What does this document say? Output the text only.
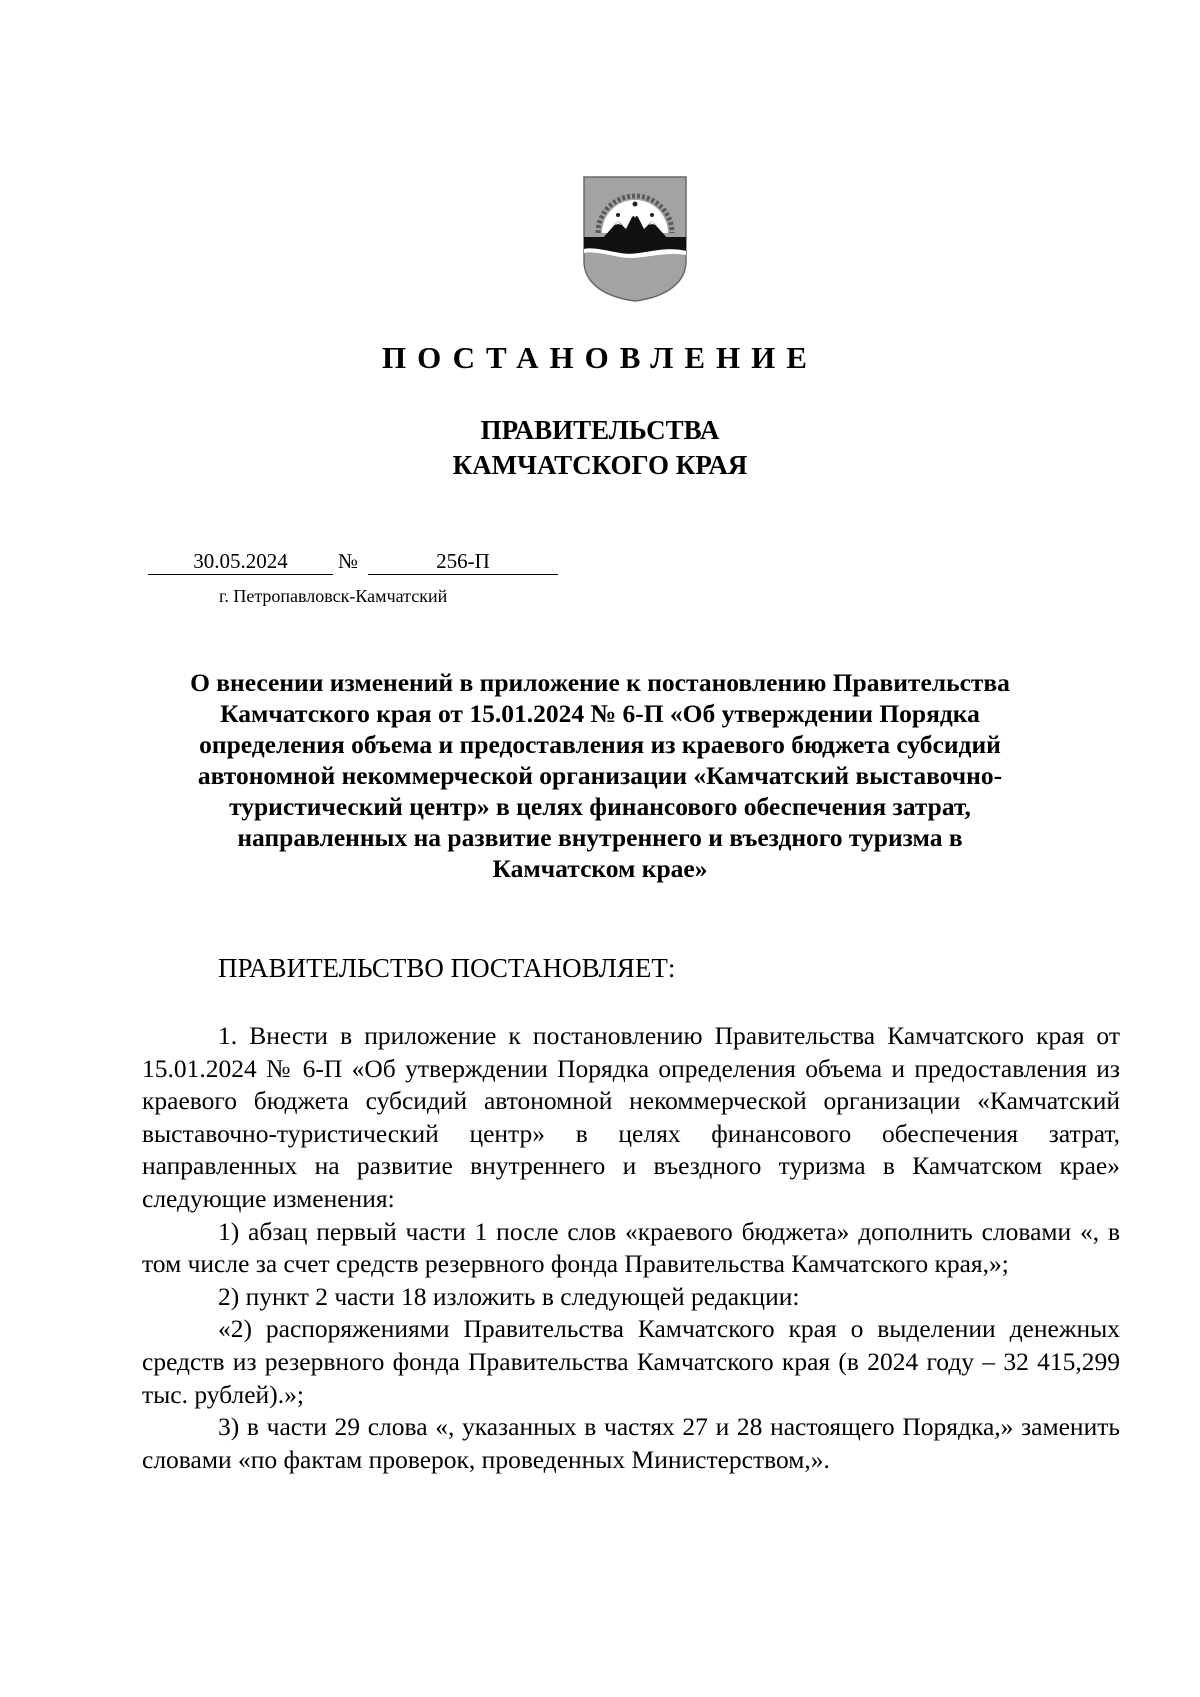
ПОСТАНОВЛЕНИЕ
ПРАВИТЕЛЬСТВА
КАМЧАТСКОГО КРАЯ
30.05.2024	№	256-П
г. Петропавловск-Камчатский
О внесении изменений в приложение к постановлению Правительства
Камчатского края от 15.01.2024 № 6-П «Об утверждении Порядка
определения объема и предоставления из краевого бюджета субсидий
автономной некоммерческой организации «Камчатский выставочно-
туристический центр» в целях финансового обеспечения затрат,
направленных на развитие внутреннего и въездного туризма в
Камчатском крае»
ПРАВИТЕЛЬСТВО ПОСТАНОВЛЯЕТ:

1. Внести в приложение к постановлению Правительства Камчатского края от 15.01.2024 № 6-П «Об утверждении Порядка определения объема и предоставления из краевого бюджета субсидий автономной некоммерческой организации «Камчатский выставочно-туристический центр» в целях финансового обеспечения затрат, направленных на развитие внутреннего и въездного туризма в Камчатском крае» следующие изменения:

1) абзац первый части 1 после слов «краевого бюджета» дополнить словами «, в том числе за счет средств резервного фонда Правительства Камчатского края,»;

2) пункт 2 части 18 изложить в следующей редакции:

«2) распоряжениями Правительства Камчатского края о выделении денежных средств из резервного фонда Правительства Камчатского края (в 2024 году – 32 415,299 тыс. рублей).»;

3) в части 29 слова «, указанных в частях 27 и 28 настоящего Порядка,» заменить словами «по фактам проверок, проведенных Министерством,».
